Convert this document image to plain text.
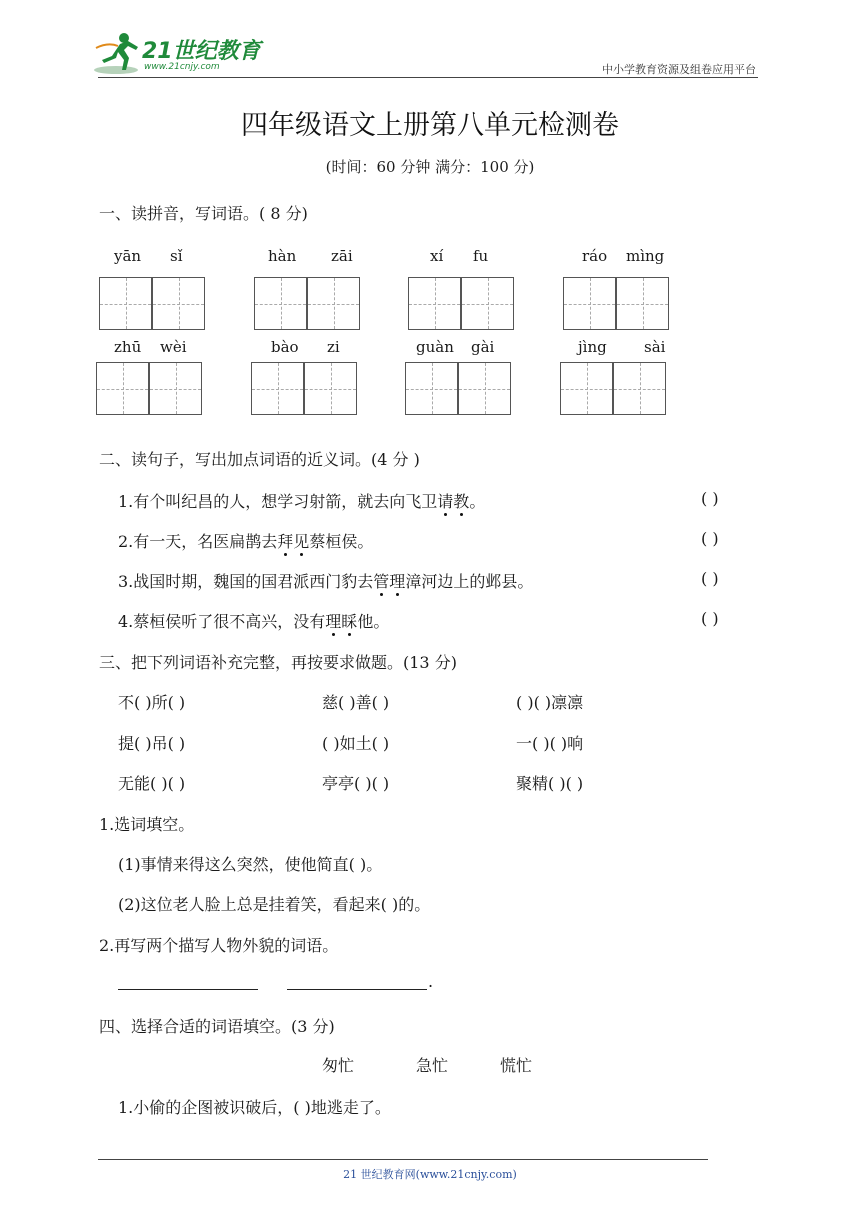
21世纪教育
www.21cnjy.com	中小学教育资源及组卷应用平台
四年级语文上册第八单元检测卷
(时间：60 分钟 满分：100 分)
一、读拼音，写词语。( 8 分)
yān sǐ	hàn zāi	xí fu	ráo mìng
zhū wèi	bào zi	guàn gài	jìng sài
二、读句子，写出加点词语的近义词。(4 分 )
1.有个叫纪昌的人，想学习射箭，就去向飞卫请教。	( )
2.有一天，名医扁鹊去拜见蔡桓侯。	( )
3.战国时期，魏国的国君派西门豹去管理漳河边上的邺县。	( )
4.蔡桓侯听了很不高兴，没有理睬他。	( )
三、把下列词语补充完整，再按要求做题。(13 分)
不( )所( )	慈( )善( )	( )( )凛凛
提( )吊( )	( )如土( )	一( )( )响
无能( )( )	亭亭( )( )	聚精( )( )
1.选词填空。
(1)事情来得这么突然，使他简直( )。
(2)这位老人脸上总是挂着笑，看起来( )的。
2.再写两个描写人物外貌的词语。
.
四、选择合适的词语填空。(3 分)
匆忙	急忙	慌忙
1.小偷的企图被识破后，( )地逃走了。
21 世纪教育网(www.21cnjy.com)
